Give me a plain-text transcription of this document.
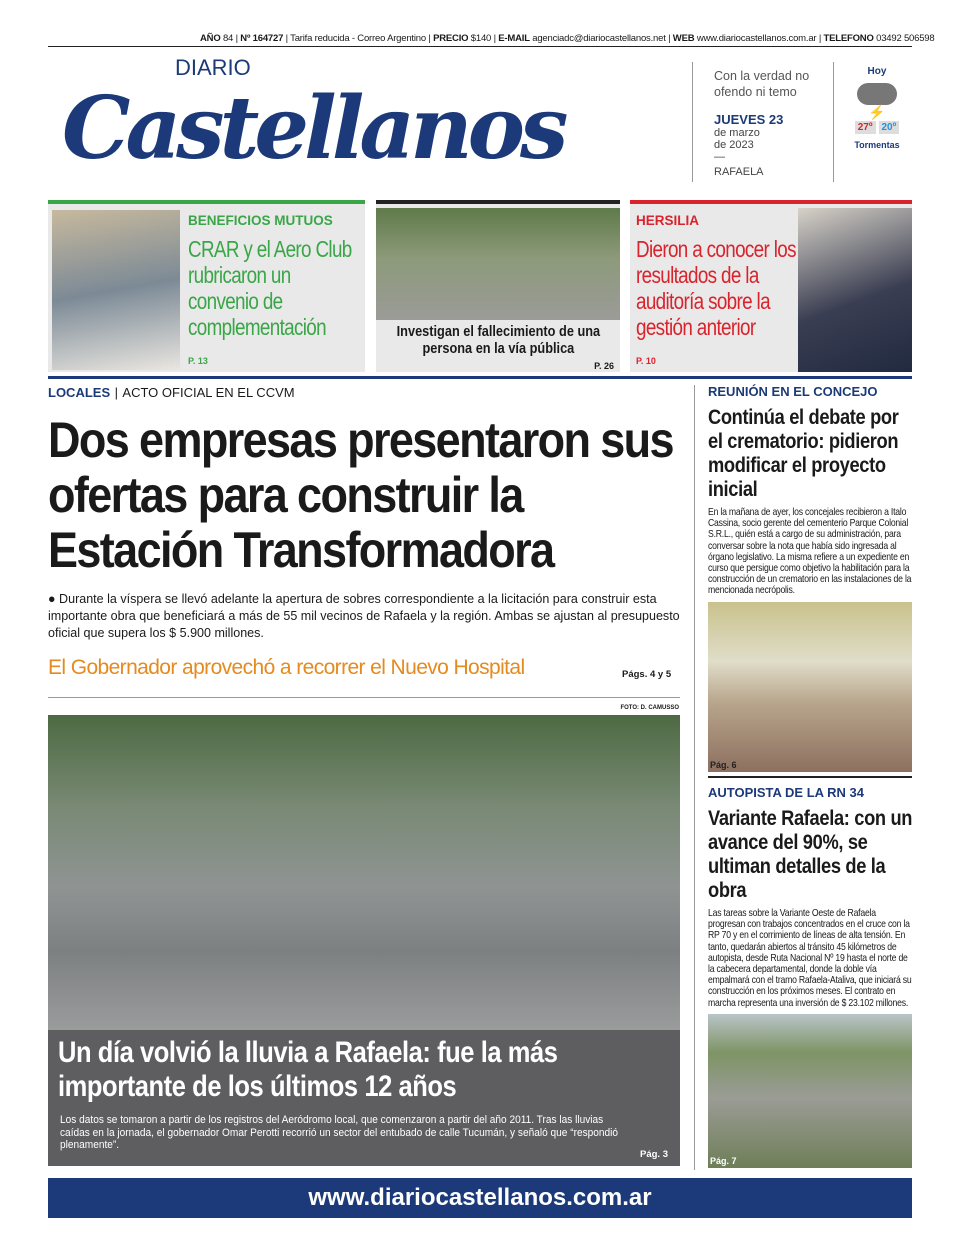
AÑO 84 | Nº 164727 | Tarifa reducida - Correo Argentino | PRECIO $140 | E-MAIL agenciadc@diariocastellanos.net | WEB www.diariocastellanos.com.ar | TELEFONO 03492 506598
DIARIO
Castellanos
Con la verdad no ofendo ni temo
JUEVES 23
de marzo
de 2023
—
RAFAELA
Hoy
⚡
27º 20º
Tormentas
BENEFICIOS MUTUOS
CRAR y el Aero Club rubricaron un convenio de complementación
P. 13
Investigan el fallecimiento de una persona en la vía pública
P. 26
HERSILIA
Dieron a conocer los resultados de la auditoría sobre la gestión anterior
P. 10
LOCALES | ACTO OFICIAL EN EL CCVM
Dos empresas presentaron sus ofertas para construir la Estación Transformadora
● Durante la víspera se llevó adelante la apertura de sobres correspondiente a la licitación para construir esta importante obra que beneficiará a más de 55 mil vecinos de Rafaela y la región. Ambas se ajustan al presupuesto oficial que supera los $ 5.900 millones.
El Gobernador aprovechó a recorrer el Nuevo Hospital	Págs. 4 y 5
FOTO: D. CAMUSSO
Un día volvió la lluvia a Rafaela: fue la más importante de los últimos 12 años
Los datos se tomaron a partir de los registros del Aeródromo local, que comenzaron a partir del año 2011. Tras las lluvias caídas en la jornada, el gobernador Omar Perotti recorrió un sector del entubado de calle Tucumán, y señaló que “respondió plenamente”.
Pág. 3
REUNIÓN EN EL CONCEJO
Continúa el debate por el crematorio: pidieron modificar el proyecto inicial
En la mañana de ayer, los concejales recibieron a Italo Cassina, socio gerente del cementerio Parque Colonial S.R.L., quién está a cargo de su administración, para conversar sobre la nota que había sido ingresada al órgano legislativo. La misma refiere a un expediente en curso que persigue como objetivo la habilitación para la construcción de un crematorio en las instalaciones de la mencionada necrópolis.
Pág. 6
AUTOPISTA DE LA RN 34
Variante Rafaela: con un avance del 90%, se ultiman detalles de la obra
Las tareas sobre la Variante Oeste de Rafaela progresan con trabajos concentrados en el cruce con la RP 70 y en el corrimiento de líneas de alta tensión. En tanto, quedarán abiertos al tránsito 45 kilómetros de autopista, desde Ruta Nacional Nº 19 hasta el norte de la cabecera departamental, donde la doble vía empalmará con el tramo Rafaela-Ataliva, que iniciará su construcción en los próximos meses. El contrato en marcha representa una inversión de $ 23.102 millones.
Pág. 7
www.diariocastellanos.com.ar
